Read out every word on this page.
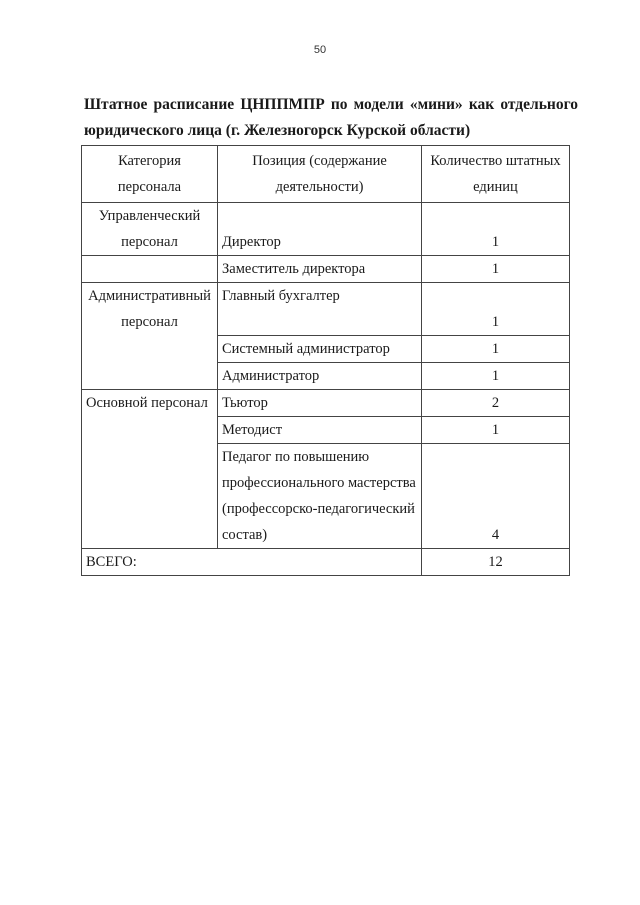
50
Штатное расписание ЦНППМПР по модели «мини» как отдельного
юридического лица (г. Железногорск Курской области)
Категория персонала	Позиция (содержание деятельности)	Количество штатных единиц
Управленческий персонал	Директор	1
	Заместитель директора	1
Административный персонал	Главный бухгалтер	1
	Системный администратор	1
	Администратор	1
Основной персонал	Тьютор	2
	Методист	1
	Педагог по повышению профессионального мастерства (профессорско-педагогический состав)	4
ВСЕГО:		12
